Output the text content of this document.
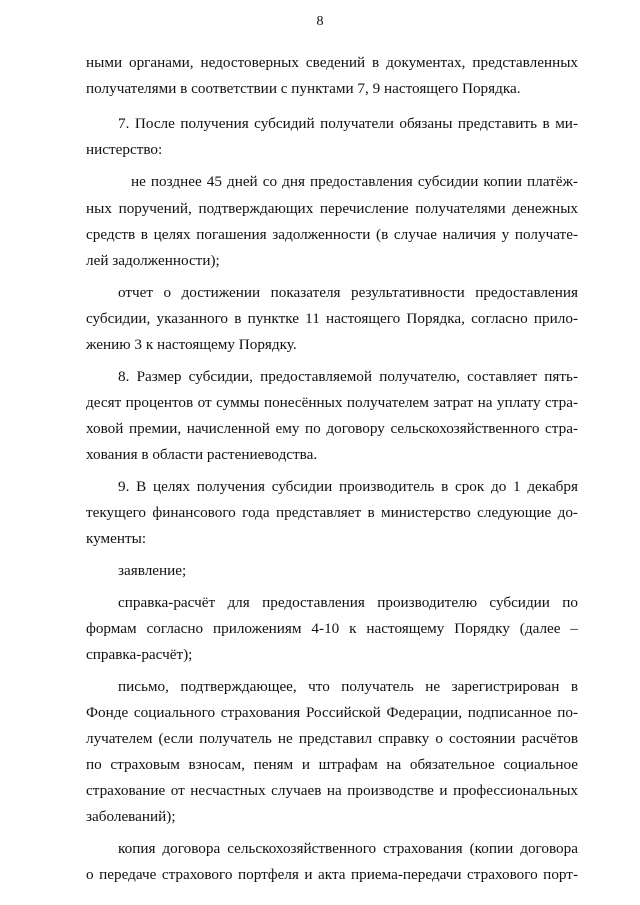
8
ными органами, недостоверных сведений в документах, представленных
получателями в соответствии с пунктами 7, 9 настоящего Порядка.
7. После получения субсидий получатели обязаны представить в ми-
нистерство:
не позднее 45 дней со дня предоставления субсидии копии платёж-
ных поручений, подтверждающих перечисление получателями денежных
средств в целях погашения задолженности (в случае наличия у получате-
лей задолженности);
отчет о достижении показателя результативности предоставления
субсидии, указанного в пунктке 11 настоящего Порядка, согласно прило-
жению 3 к настоящему Порядку.
8. Размер субсидии, предоставляемой получателю, составляет пять-
десят процентов от суммы понесённых получателем затрат на уплату стра-
ховой премии, начисленной ему по договору сельскохозяйственного стра-
хования в области растениеводства.
9. В целях получения субсидии производитель в срок до 1 декабря
текущего финансового года представляет в министерство следующие до-
кументы:
заявление;
справка-расчёт для предоставления производителю субсидии по
формам согласно приложениям 4-10 к настоящему Порядку (далее –
справка-расчёт);
письмо, подтверждающее, что получатель не зарегистрирован в
Фонде социального страхования Российской Федерации, подписанное по-
лучателем (если получатель не представил справку о состоянии расчётов
по страховым взносам, пеням и штрафам на обязательное социальное
страхование от несчастных случаев на производстве и профессиональных
заболеваний);
копия договора сельскохозяйственного страхования (копии договора
о передаче страхового портфеля и акта приема-передачи страхового порт-
